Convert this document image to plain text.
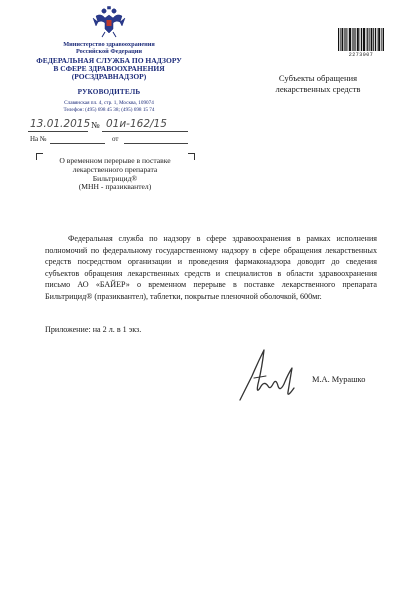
Министерство здравоохранения
Российской Федерации
ФЕДЕРАЛЬНАЯ СЛУЖБА ПО НАДЗОРУ
В СФЕРЕ ЗДРАВООХРАНЕНИЯ
(РОСЗДРАВНАДЗОР)
РУКОВОДИТЕЛЬ
Славянская пл. 4, стр. 1, Москва, 109074
Телефон: (495) 698 45 38; (495) 698 15 74
13.01.2015 № 01и-162/15
На №	от
О временном перерыве в поставке
лекарственного препарата
Бильтрицид®
(МНН - празиквантел)
2273007
Субъекты обращения
лекарственных средств
Федеральная служба по надзору в сфере здравоохранения в рамках исполнения полномочий по федеральному государственному надзору в сфере обращения лекарственных средств посредством организации и проведения фармаконадзора доводит до сведения субъектов обращения лекарственных средств и специалистов в области здравоохранения письмо АО «БАЙЕР» о временном перерыве в поставке лекарственного препарата Бильтрицид® (празиквантел), таблетки, покрытые пленочной оболочкой, 600мг.
Приложение: на 2 л. в 1 экз.
М.А. Мурашко
